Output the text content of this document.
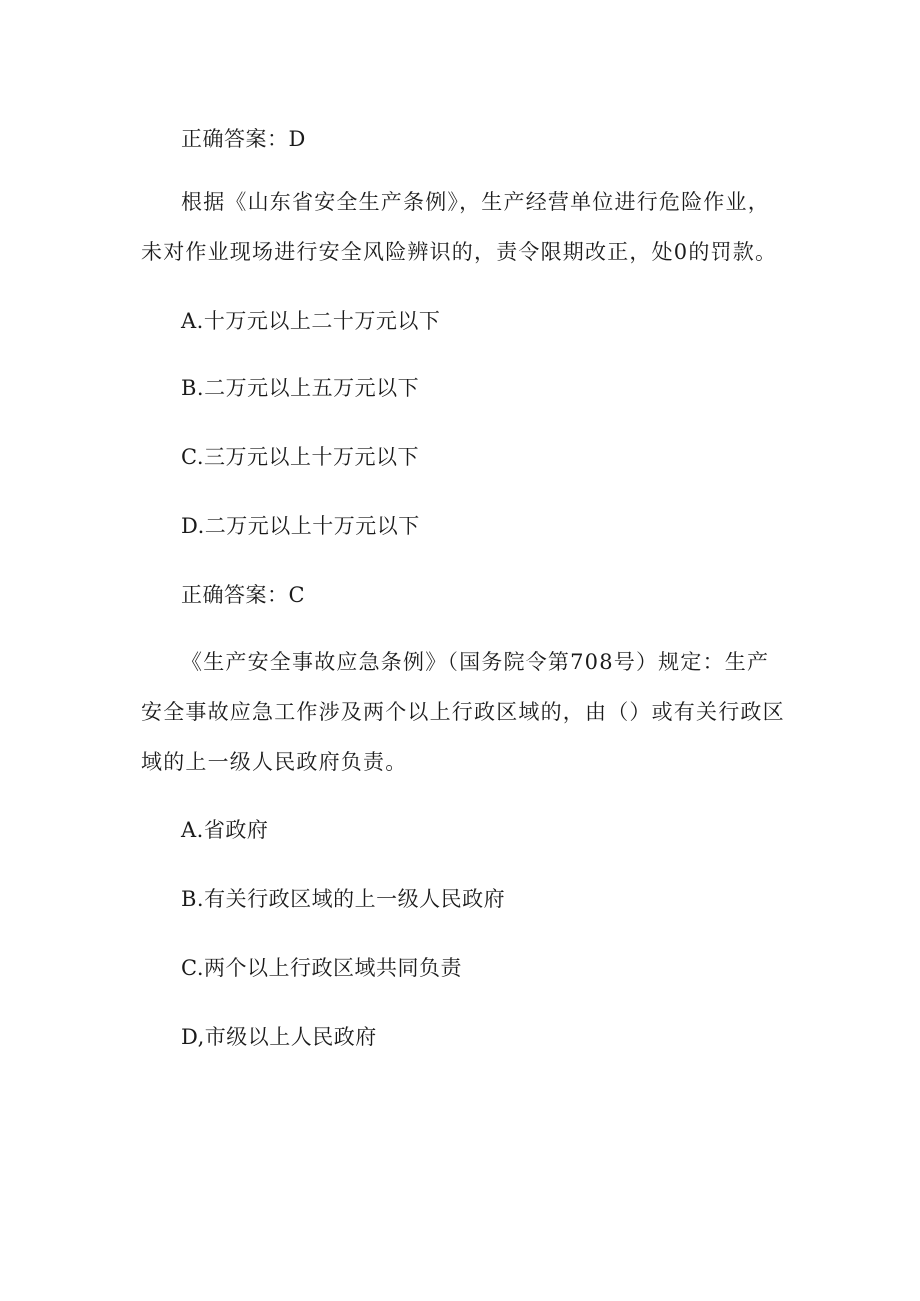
正确答案：D

根据《山东省安全生产条例》，生产经营单位进行危险作业，未对作业现场进行安全风险辨识的，责令限期改正，处0的罚款。

A.十万元以上二十万元以下
B.二万元以上五万元以下
C.三万元以上十万元以下
D.二万元以上十万元以下
正确答案：C

《生产安全事故应急条例》（国务院令第708号）规定：生产安全事故应急工作涉及两个以上行政区域的，由（）或有关行政区域的上一级人民政府负责。

A.省政府
B.有关行政区域的上一级人民政府
C.两个以上行政区域共同负责
D,市级以上人民政府
